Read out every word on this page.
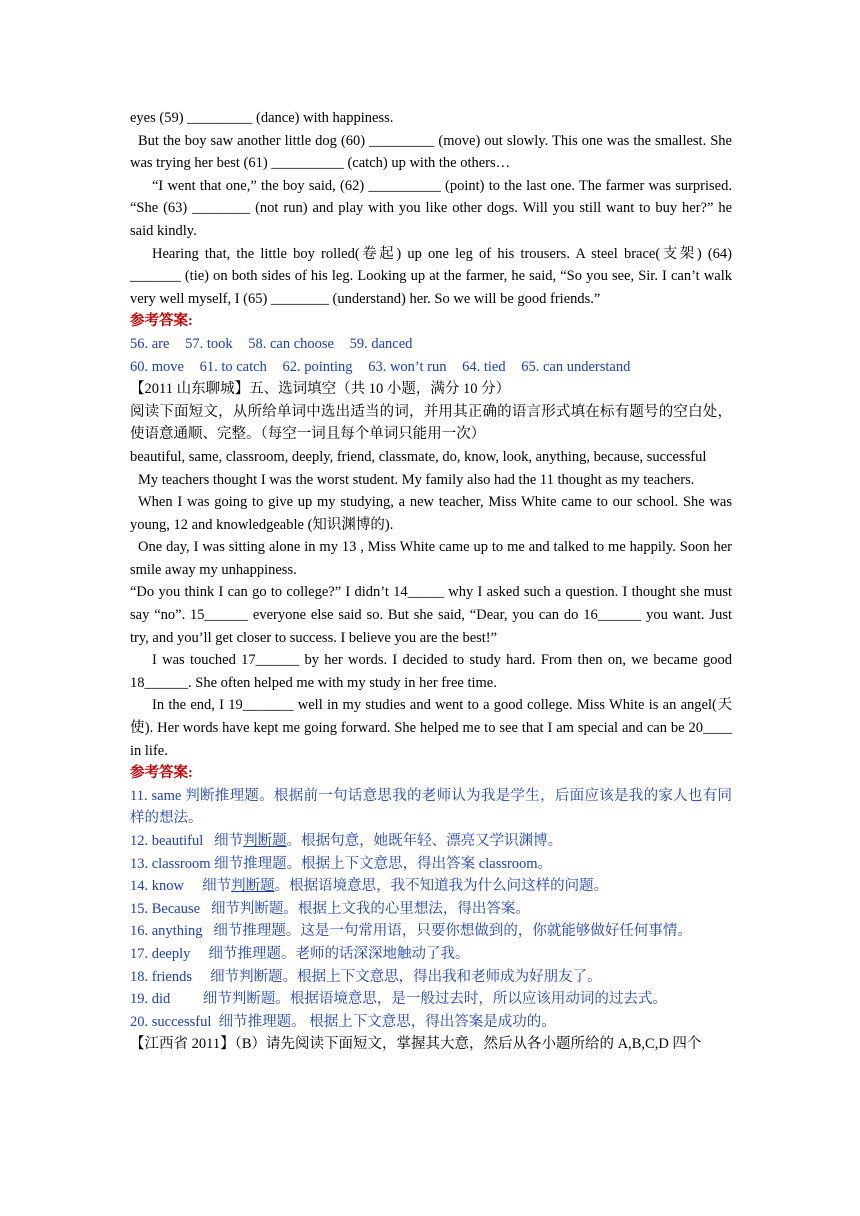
eyes (59) _________ (dance) with happiness.

But the boy saw another little dog (60) _________ (move) out slowly. This one was the smallest. She was trying her best (61) __________ (catch) up with the others…

“I went that one,” the boy said, (62) __________ (point) to the last one. The farmer was surprised. “She (63) ________ (not run) and play with you like other dogs. Will you still want to buy her?” he said kindly.

Hearing that, the little boy rolled(卷起) up one leg of his trousers. A steel brace(支架) (64) _______ (tie) on both sides of his leg. Looking up at the farmer, he said, “So you see, Sir. I can’t walk very well myself, I (65) ________ (understand) her. So we will be good friends.”

参考答案:

56. are 57. took 58. can choose 59. danced

60. move 61. to catch 62. pointing 63. won’t run 64. tied 65. can understand

【2011 山东聊城】五、选词填空（共 10 小题，满分 10 分）

阅读下面短文，从所给单词中选出适当的词，并用其正确的语言形式填在标有题号的空白处，使语意通顺、完整。（每空一词且每个单词只能用一次）

beautiful, same, classroom, deeply, friend, classmate, do, know, look, anything, because, successful

My teachers thought I was the worst student. My family also had the 11 thought as my teachers.

When I was going to give up my studying, a new teacher, Miss White came to our school. She was young, 12 and knowledgeable (知识渊博的).

One day, I was sitting alone in my 13 , Miss White came up to me and talked to me happily. Soon her smile away my unhappiness.

“Do you think I can go to college?” I didn’t 14_____ why I asked such a question. I thought she must say “no”. 15______ everyone else said so. But she said, “Dear, you can do 16______ you want. Just try, and you’ll get closer to success. I believe you are the best!”

I was touched 17______ by her words. I decided to study hard. From then on, we became good 18______. She often helped me with my study in her free time.

In the end, I 19_______ well in my studies and went to a good college. Miss White is an angel(天使). Her words have kept me going forward. She helped me to see that I am special and can be 20____ in life.

参考答案:

11. same 判断推理题。根据前一句话意思我的老师认为我是学生，后面应该是我的家人也有同样的想法。

12. beautiful 细节判断题。根据句意，她既年轻、漂亮又学识渊博。

13. classroom 细节推理题。根据上下文意思，得出答案 classroom。

14. know 细节判断题。根据语境意思，我不知道我为什么问这样的问题。

15. Because 细节判断题。根据上文我的心里想法，得出答案。

16. anything 细节推理题。这是一句常用语，只要你想做到的，你就能够做好任何事情。

17. deeply 细节推理题。老师的话深深地触动了我。

18. friends 细节判断题。根据上下文意思，得出我和老师成为好朋友了。

19. did 细节判断题。根据语境意思，是一般过去时，所以应该用动词的过去式。

20. successful 细节推理题。 根据上下文意思，得出答案是成功的。

【江西省 2011】（B）请先阅读下面短文，掌握其大意，然后从各小题所给的 A,B,C,D 四个
